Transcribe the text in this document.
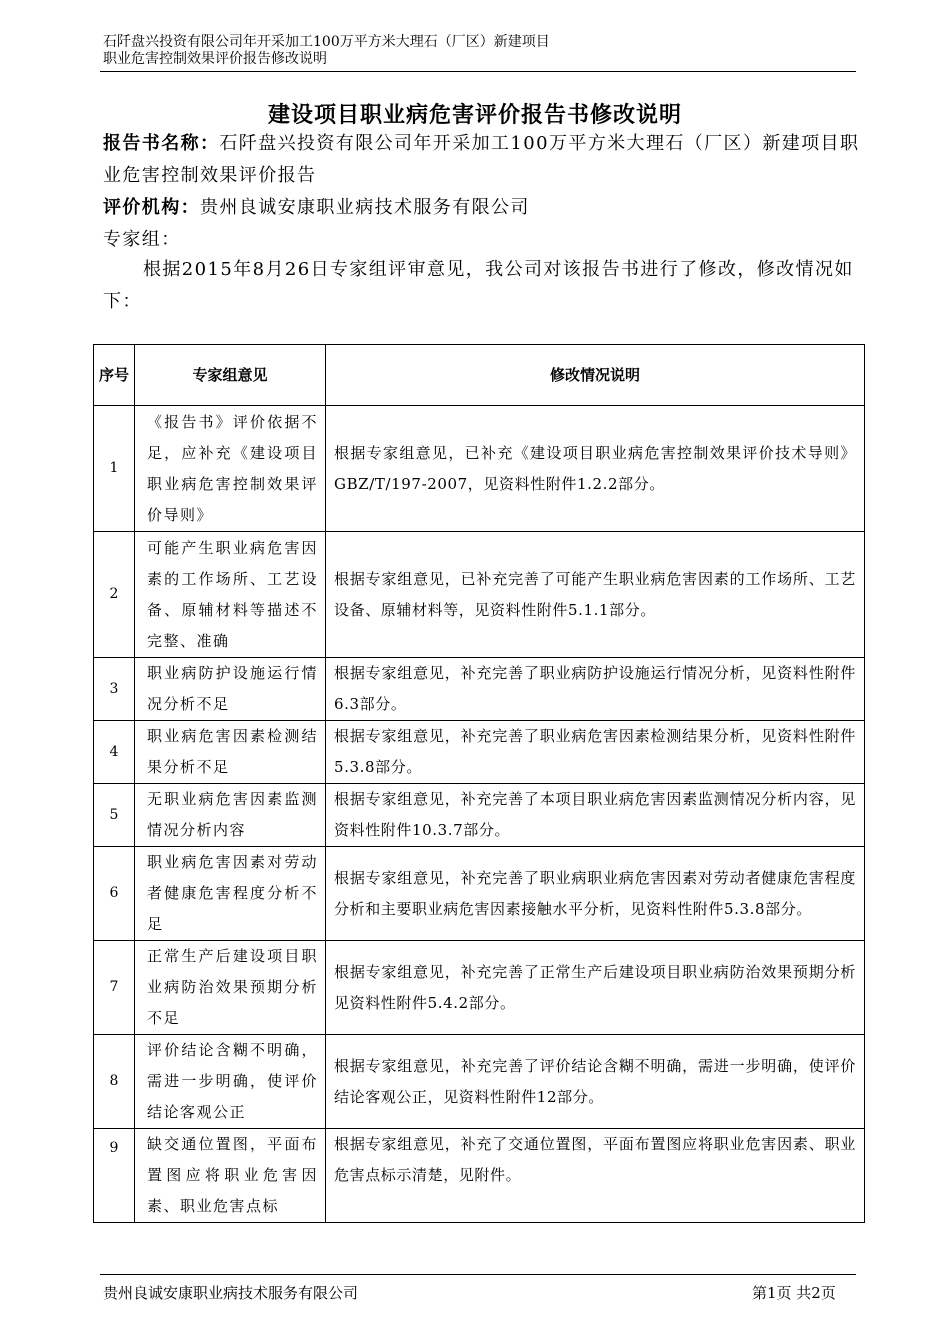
石阡盘兴投资有限公司年开采加工100万平方米大理石（厂区）新建项目
职业危害控制效果评价报告修改说明
建设项目职业病危害评价报告书修改说明
报告书名称：石阡盘兴投资有限公司年开采加工100万平方米大理石（厂区）新建项目职业危害控制效果评价报告
评价机构：贵州良诚安康职业病技术服务有限公司
专家组：
根据2015年8月26日专家组评审意见，我公司对该报告书进行了修改，修改情况如下：
序号	专家组意见	修改情况说明
1	《报告书》评价依据不足，应补充《建设项目职业病危害控制效果评价导则》	根据专家组意见，已补充《建设项目职业病危害控制效果评价技术导则》GBZ/T/197-2007，见资料性附件1.2.2部分。
2	可能产生职业病危害因素的工作场所、工艺设备、原辅材料等描述不完整、准确	根据专家组意见，已补充完善了可能产生职业病危害因素的工作场所、工艺设备、原辅材料等，见资料性附件5.1.1部分。
3	职业病防护设施运行情况分析不足	根据专家组意见，补充完善了职业病防护设施运行情况分析，见资料性附件6.3部分。
4	职业病危害因素检测结果分析不足	根据专家组意见，补充完善了职业病危害因素检测结果分析，见资料性附件5.3.8部分。
5	无职业病危害因素监测情况分析内容	根据专家组意见，补充完善了本项目职业病危害因素监测情况分析内容，见资料性附件10.3.7部分。
6	职业病危害因素对劳动者健康危害程度分析不足	根据专家组意见，补充完善了职业病职业病危害因素对劳动者健康危害程度分析和主要职业病危害因素接触水平分析，见资料性附件5.3.8部分。
7	正常生产后建设项目职业病防治效果预期分析不足	根据专家组意见，补充完善了正常生产后建设项目职业病防治效果预期分析见资料性附件5.4.2部分。
8	评价结论含糊不明确，需进一步明确，使评价结论客观公正	根据专家组意见，补充完善了评价结论含糊不明确，需进一步明确，使评价结论客观公正，见资料性附件12部分。
9	缺交通位置图，平面布置图应将职业危害因素、职业危害点标	根据专家组意见，补充了交通位置图，平面布置图应将职业危害因素、职业危害点标示清楚，见附件。
贵州良诚安康职业病技术服务有限公司	第1页 共2页
